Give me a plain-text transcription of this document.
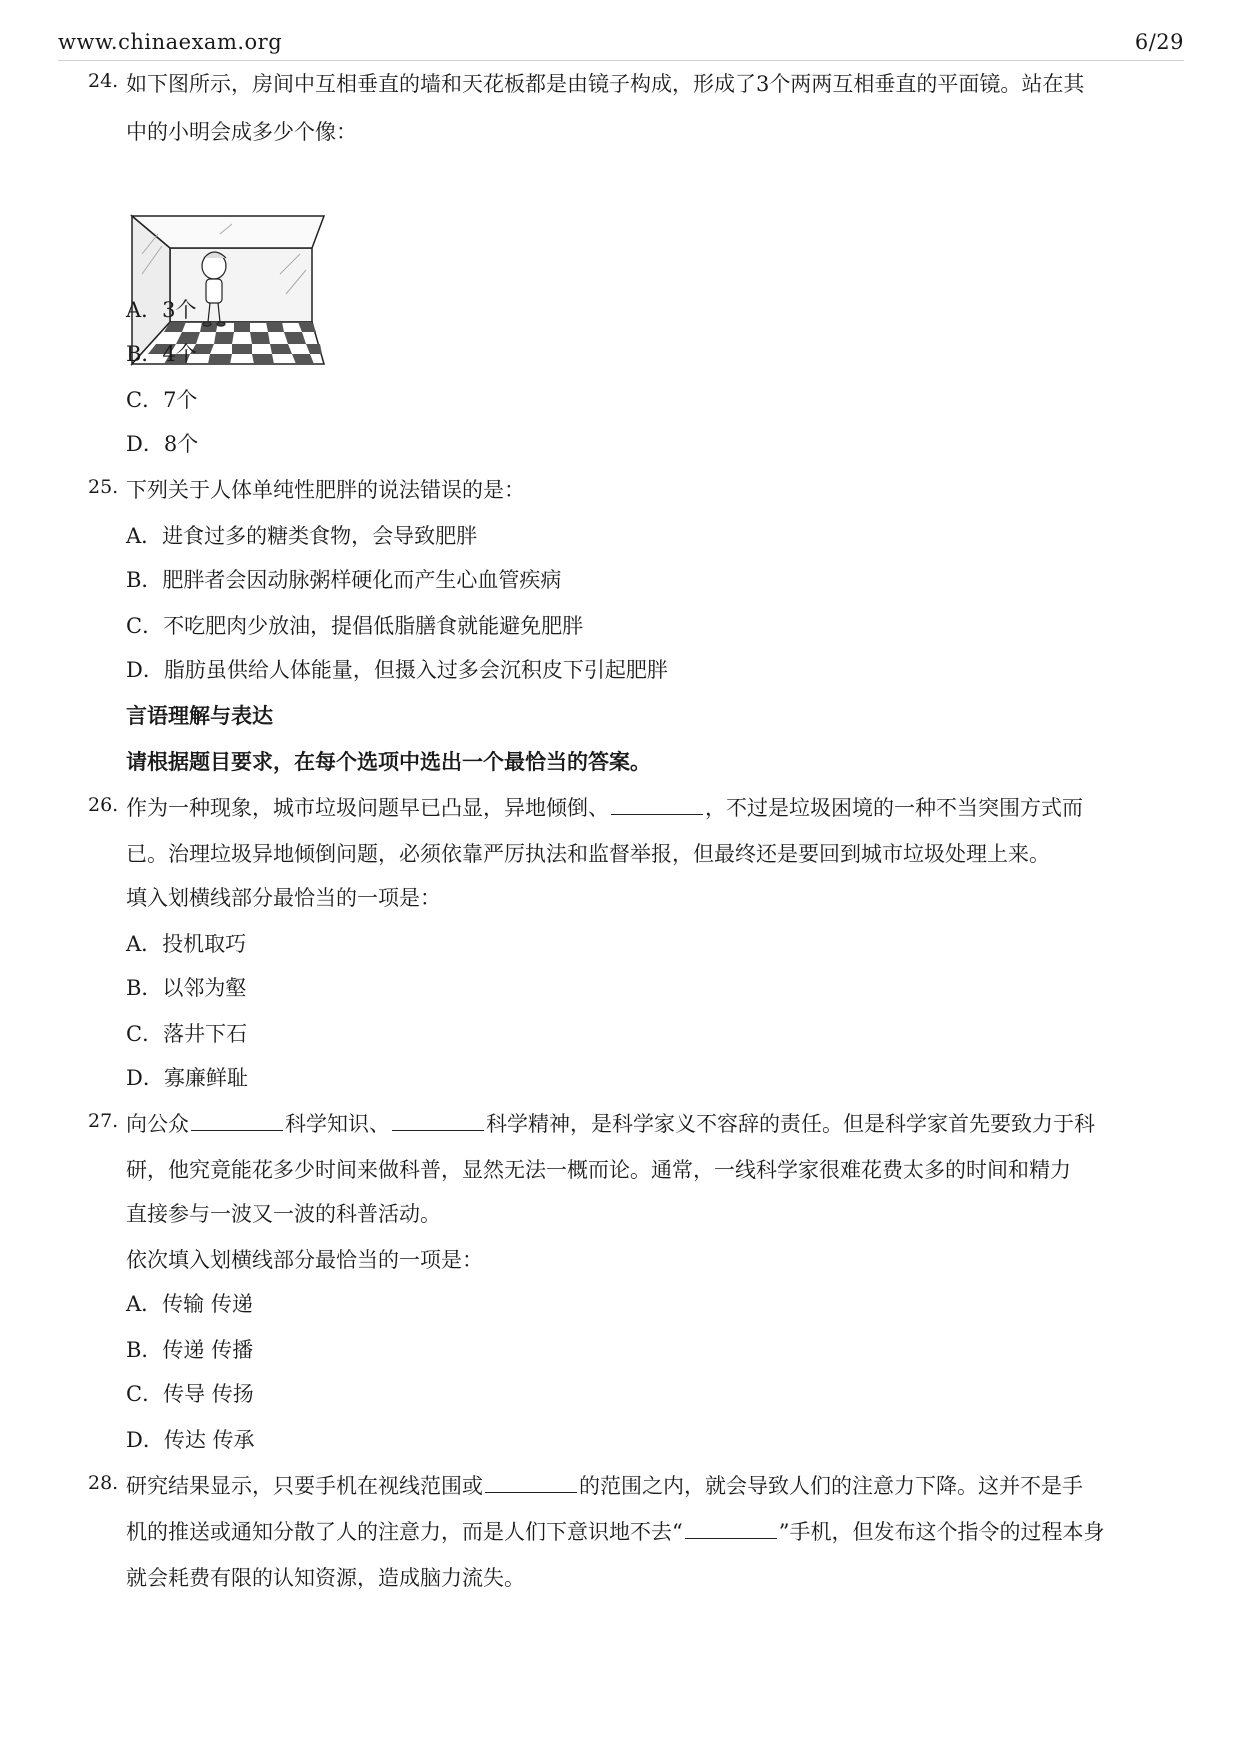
www.chinaexam.org	6/29
24. 如下图所示，房间中互相垂直的墙和天花板都是由镜子构成，形成了3个两两互相垂直的平面镜。站在其
中的小明会成多少个像：
A．3个
B．4个
C．7个
D．8个
25. 下列关于人体单纯性肥胖的说法错误的是：
A．进食过多的糖类食物，会导致肥胖
B．肥胖者会因动脉粥样硬化而产生心血管疾病
C．不吃肥肉少放油，提倡低脂膳食就能避免肥胖
D．脂肪虽供给人体能量，但摄入过多会沉积皮下引起肥胖
言语理解与表达
请根据题目要求，在每个选项中选出一个最恰当的答案。
26. 作为一种现象，城市垃圾问题早已凸显，异地倾倒、	，不过是垃圾困境的一种不当突围方式而
已。治理垃圾异地倾倒问题，必须依靠严厉执法和监督举报，但最终还是要回到城市垃圾处理上来。
填入划横线部分最恰当的一项是：
A．投机取巧
B．以邻为壑
C．落井下石
D．寡廉鲜耻
27. 向公众	科学知识、	科学精神，是科学家义不容辞的责任。但是科学家首先要致力于科
研，他究竟能花多少时间来做科普，显然无法一概而论。通常，一线科学家很难花费太多的时间和精力
直接参与一波又一波的科普活动。
依次填入划横线部分最恰当的一项是：
A．传输 传递
B．传递 传播
C．传导 传扬
D．传达 传承
28. 研究结果显示，只要手机在视线范围或	的范围之内，就会导致人们的注意力下降。这并不是手
机的推送或通知分散了人的注意力，而是人们下意识地不去“	”手机，但发布这个指令的过程本身
就会耗费有限的认知资源，造成脑力流失。
